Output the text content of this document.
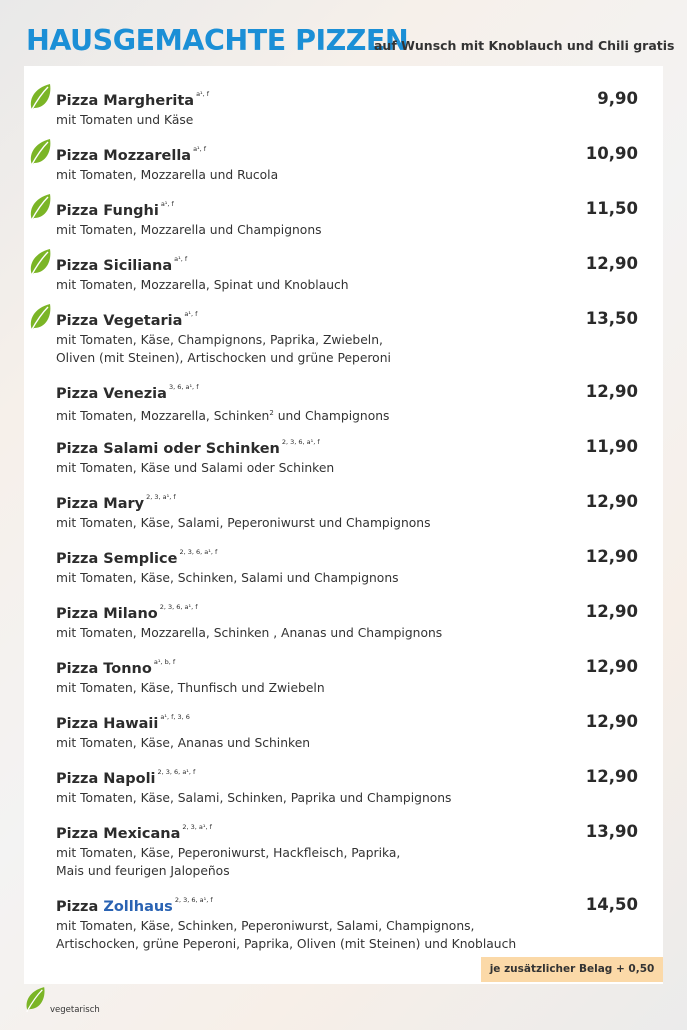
HAUSGEMACHTE PIZZEN
auf Wunsch mit Knoblauch und Chili gratis
Pizza Margherita $^{a^1, f}$
mit Tomaten und Käse
9,90
Pizza Mozzarella $^{a^1, f}$
mit Tomaten, Mozzarella und Rucola
10,90
Pizza Funghi $^{a^1, f}$
mit Tomaten, Mozzarella und Champignons
11,50
Pizza Siciliana $^{a^1, f}$
mit Tomaten, Mozzarella, Spinat und Knoblauch
12,90
Pizza Vegetaria $^{a^1, f}$
mit Tomaten, Käse, Champignons, Paprika, Zwiebeln,
Oliven (mit Steinen), Artischocken und grüne Peperoni
13,50
Pizza Venezia $^{3, 6, a^1, f}$
mit Tomaten, Mozzarella, Schinken$^2$ und Champignons
12,90
Pizza Salami oder Schinken $^{2, 3, 6, a^1, f}$
mit Tomaten, Käse und Salami oder Schinken
11,90
Pizza Mary $^{2, 3, a^1, f}$
mit Tomaten, Käse, Salami, Peperoniwurst und Champignons
12,90
Pizza Semplice $^{2, 3, 6, a^1, f}$
mit Tomaten, Käse, Schinken, Salami und Champignons
12,90
Pizza Milano $^{2, 3, 6, a^1, f}$
mit Tomaten, Mozzarella, Schinken , Ananas und Champignons
12,90
Pizza Tonno $^{a^1, b, f}$
mit Tomaten, Käse, Thunfisch und Zwiebeln
12,90
Pizza Hawaii $^{a^1, f, 3, 6}$
mit Tomaten, Käse, Ananas und Schinken
12,90
Pizza Napoli $^{2, 3, 6, a^1, f}$
mit Tomaten, Käse, Salami, Schinken, Paprika und Champignons
12,90
Pizza Mexicana $^{2, 3, a^1, f}$
mit Tomaten, Käse, Peperoniwurst, Hackfleisch, Paprika,
Mais und feurigen Jalopeños
13,90
Pizza Zollhaus $^{2, 3, 6, a^1, f}$
mit Tomaten, Käse, Schinken, Peperoniwurst, Salami, Champignons,
Artischocken, grüne Peperoni, Paprika, Oliven (mit Steinen) und Knoblauch
14,50
je zusätzlicher Belag + 0,50
vegetarisch
